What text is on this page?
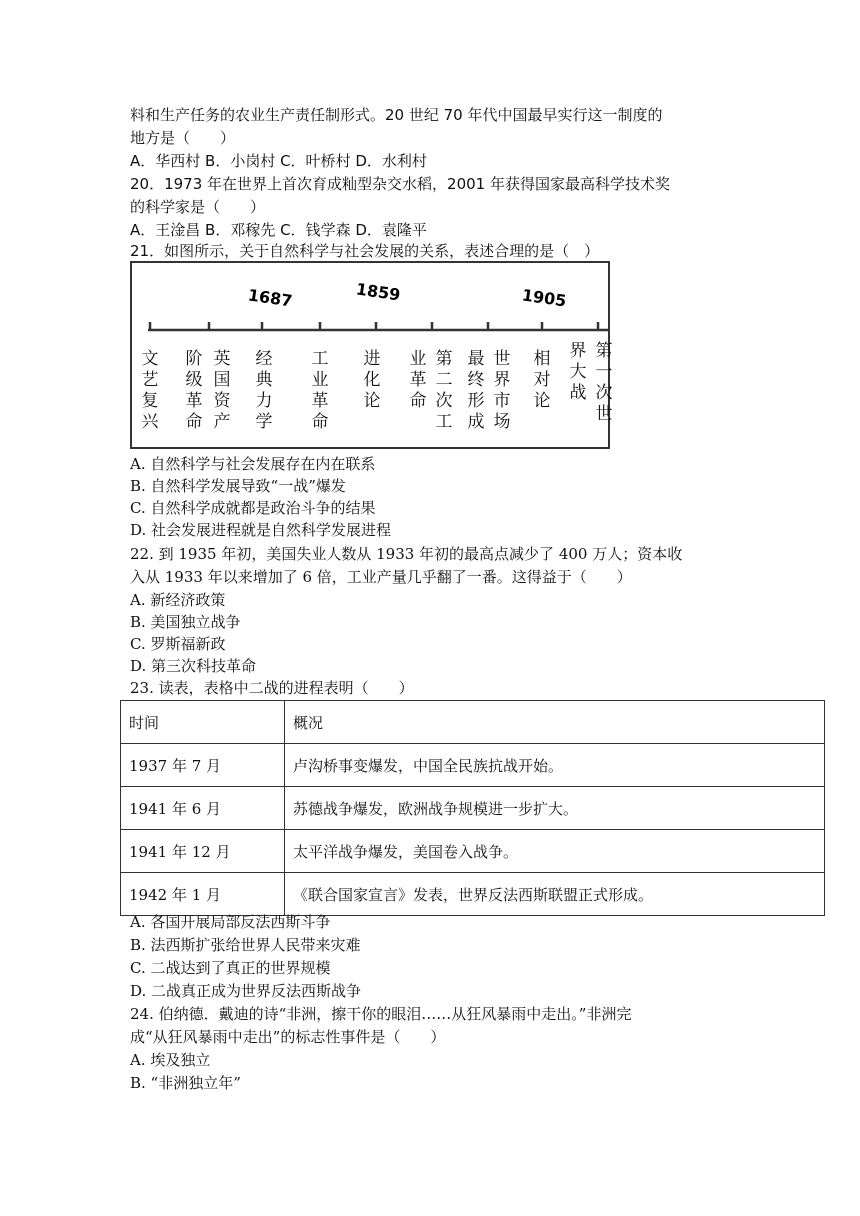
料和生产任务的农业生产责任制形式。20 世纪 70 年代中国最早实行这一制度的
地方是（　　）
A．华西村 B．小岗村 C．叶桥村 D．水利村
20．1973 年在世界上首次育成籼型杂交水稻，2001 年获得国家最高科学技术奖
的科学家是（　　）
A．王淦昌 B．邓稼先 C．钱学森 D．袁隆平
21．如图所示，关于自然科学与社会发展的关系，表述合理的是（　）
1687	1859	1905
文
艺
复
兴
阶
级
革
命
英
国
资
产
经
典
力
学
工
业
革
命
进
化
论
业
革
命
第
二
次
工
最
终
形
成
世
界
市
场
相
对
论
界
大
战
第
一
次
世
A. 自然科学与社会发展存在内在联系
B. 自然科学发展导致“一战”爆发
C. 自然科学成就都是政治斗争的结果
D. 社会发展进程就是自然科学发展进程
22. 到 1935 年初，美国失业人数从 1933 年初的最高点减少了 400 万人；资本收
入从 1933 年以来增加了 6 倍，工业产量几乎翻了一番。这得益于（　　）
A. 新经济政策
B. 美国独立战争
C. 罗斯福新政
D. 第三次科技革命
23. 读表，表格中二战的进程表明（　　）
时间	概况
1937 年 7 月	卢沟桥事变爆发，中国全民族抗战开始。
1941 年 6 月	苏德战争爆发，欧洲战争规模进一步扩大。
1941 年 12 月	太平洋战争爆发，美国卷入战争。
1942 年 1 月	《联合国家宣言》发表，世界反法西斯联盟正式形成。
A. 各国开展局部反法西斯斗争
B. 法西斯扩张给世界人民带来灾难
C. 二战达到了真正的世界规模
D. 二战真正成为世界反法西斯战争
24. 伯纳德．戴迪的诗“非洲，擦干你的眼泪……从狂风暴雨中走出。”非洲完
成“从狂风暴雨中走出”的标志性事件是（　　）
A. 埃及独立
B. “非洲独立年”
